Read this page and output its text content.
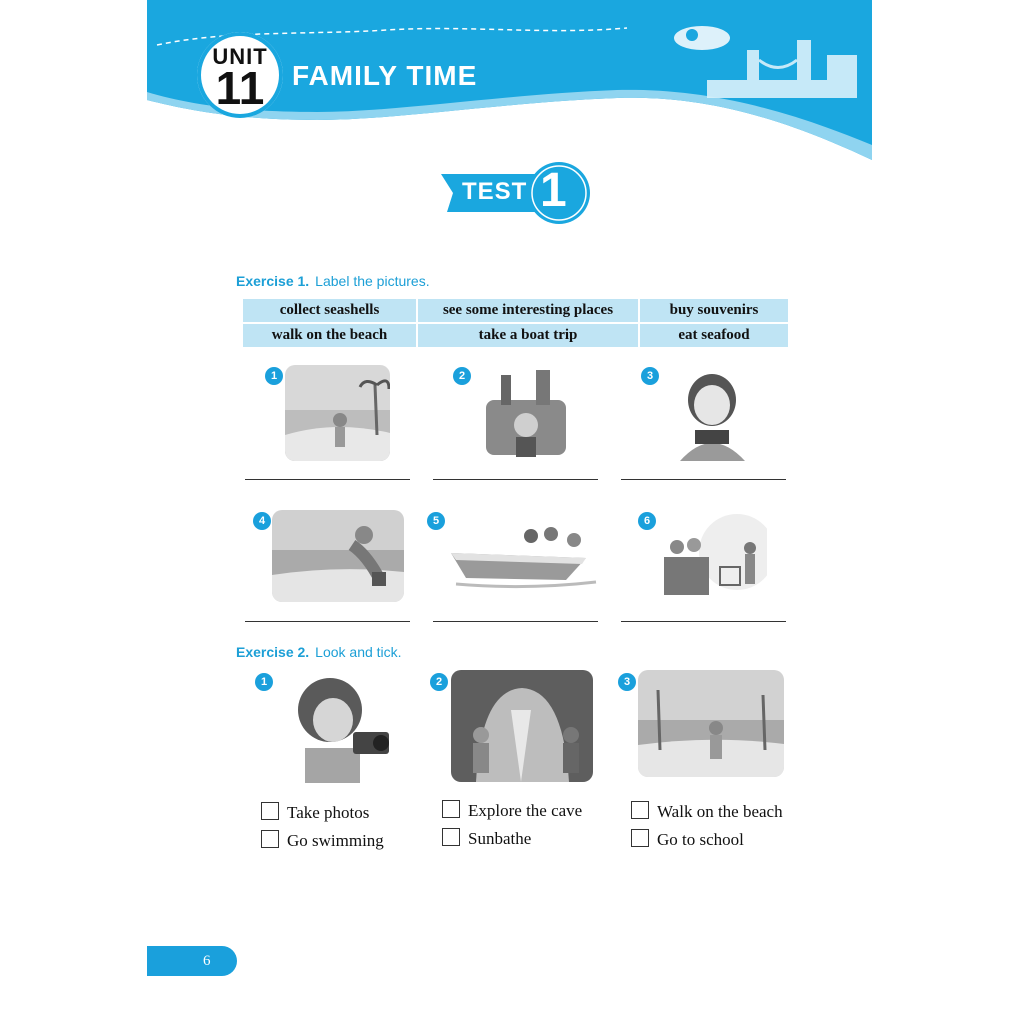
UNIT
11 FAMILY TIME
TEST 1
Exercise 1. Label the pictures.
collect seashells	see some interesting places	buy souvenirs
walk on the beach	take a boat trip	eat seafood
1	2	3
4	5	6
Exercise 2. Look and tick.
1	2	3
Take photos
Go swimming
Explore the cave
Sunbathe
Walk on the beach
Go to school
6
